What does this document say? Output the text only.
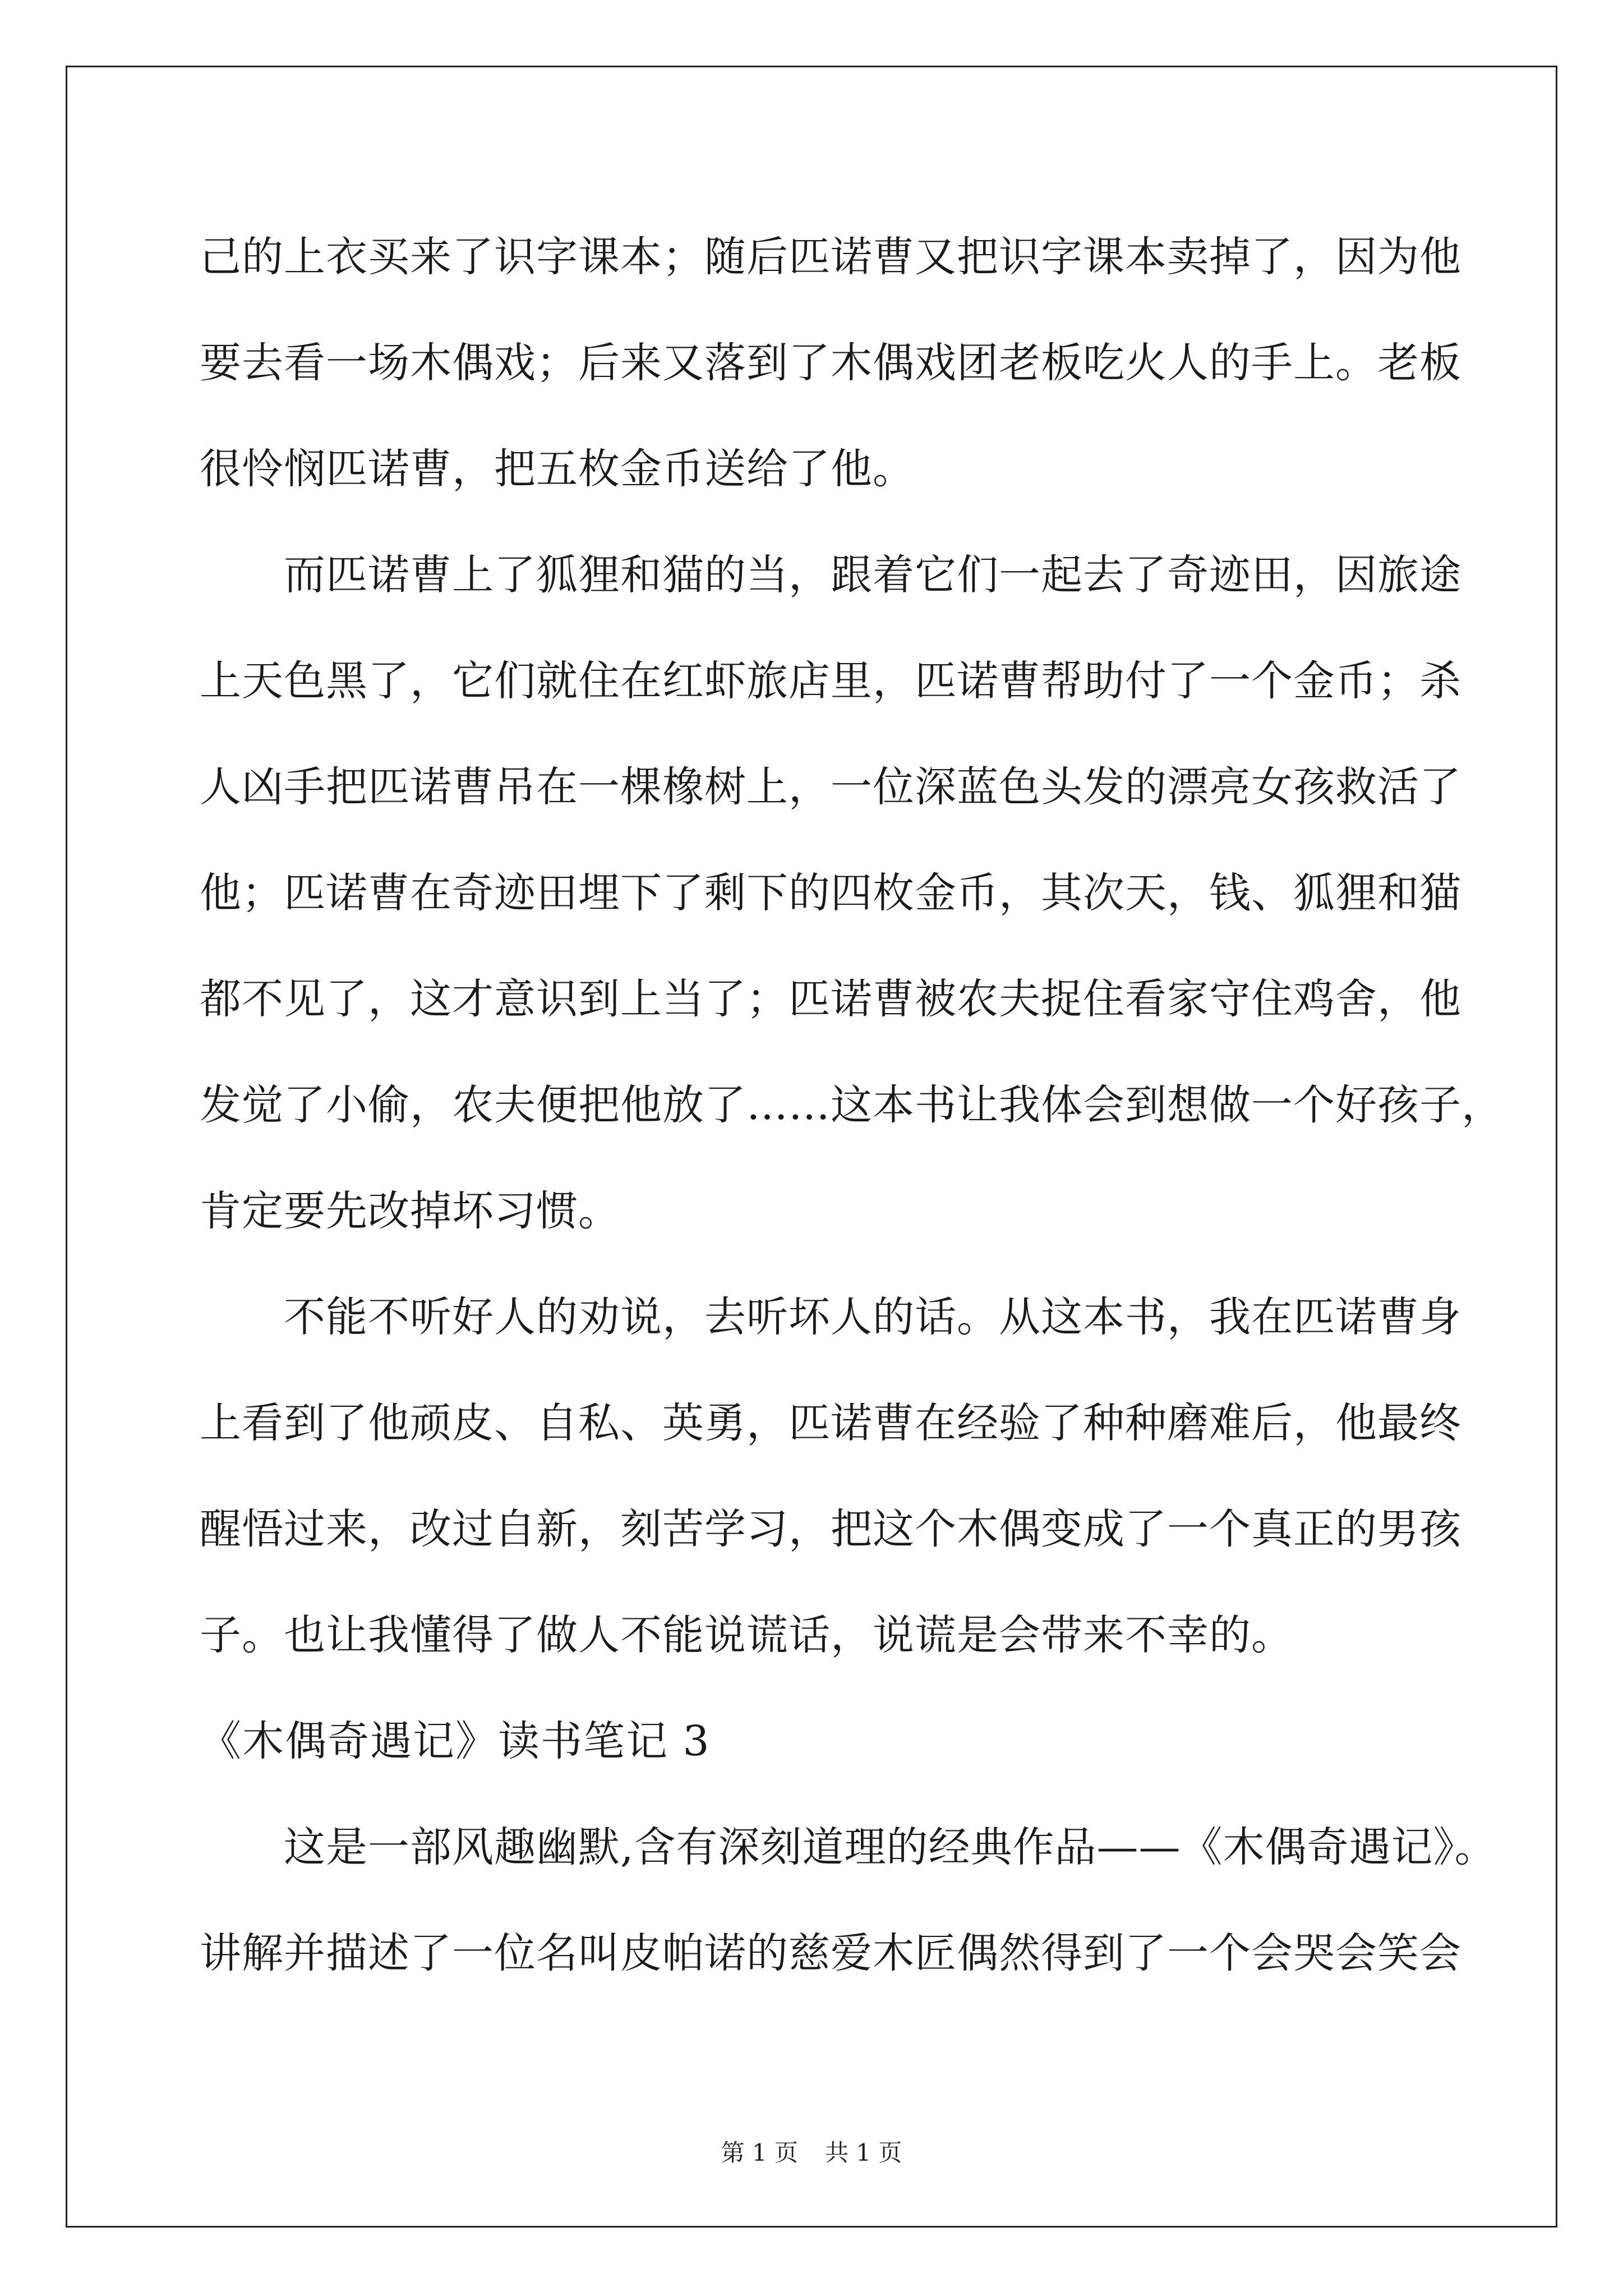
己的上衣买来了识字课本；随后匹诺曹又把识字课本卖掉了，因为他
要去看一场木偶戏；后来又落到了木偶戏团老板吃火人的手上。老板
很怜悯匹诺曹，把五枚金币送给了他。
而匹诺曹上了狐狸和猫的当，跟着它们一起去了奇迹田，因旅途
上天色黑了，它们就住在红虾旅店里，匹诺曹帮助付了一个金币；杀
人凶手把匹诺曹吊在一棵橡树上，一位深蓝色头发的漂亮女孩救活了
他；匹诺曹在奇迹田埋下了剩下的四枚金币，其次天，钱、狐狸和猫
都不见了，这才意识到上当了；匹诺曹被农夫捉住看家守住鸡舍，他
发觉了小偷，农夫便把他放了……这本书让我体会到想做一个好孩子，
肯定要先改掉坏习惯。
不能不听好人的劝说，去听坏人的话。从这本书，我在匹诺曹身
上看到了他顽皮、自私、英勇，匹诺曹在经验了种种磨难后，他最终
醒悟过来，改过自新，刻苦学习，把这个木偶变成了一个真正的男孩
子。也让我懂得了做人不能说谎话，说谎是会带来不幸的。
《木偶奇遇记》读书笔记 3
这是一部风趣幽默,含有深刻道理的经典作品——《木偶奇遇记》。
讲解并描述了一位名叫皮帕诺的慈爱木匠偶然得到了一个会哭会笑会
第 1 页 共 1 页
